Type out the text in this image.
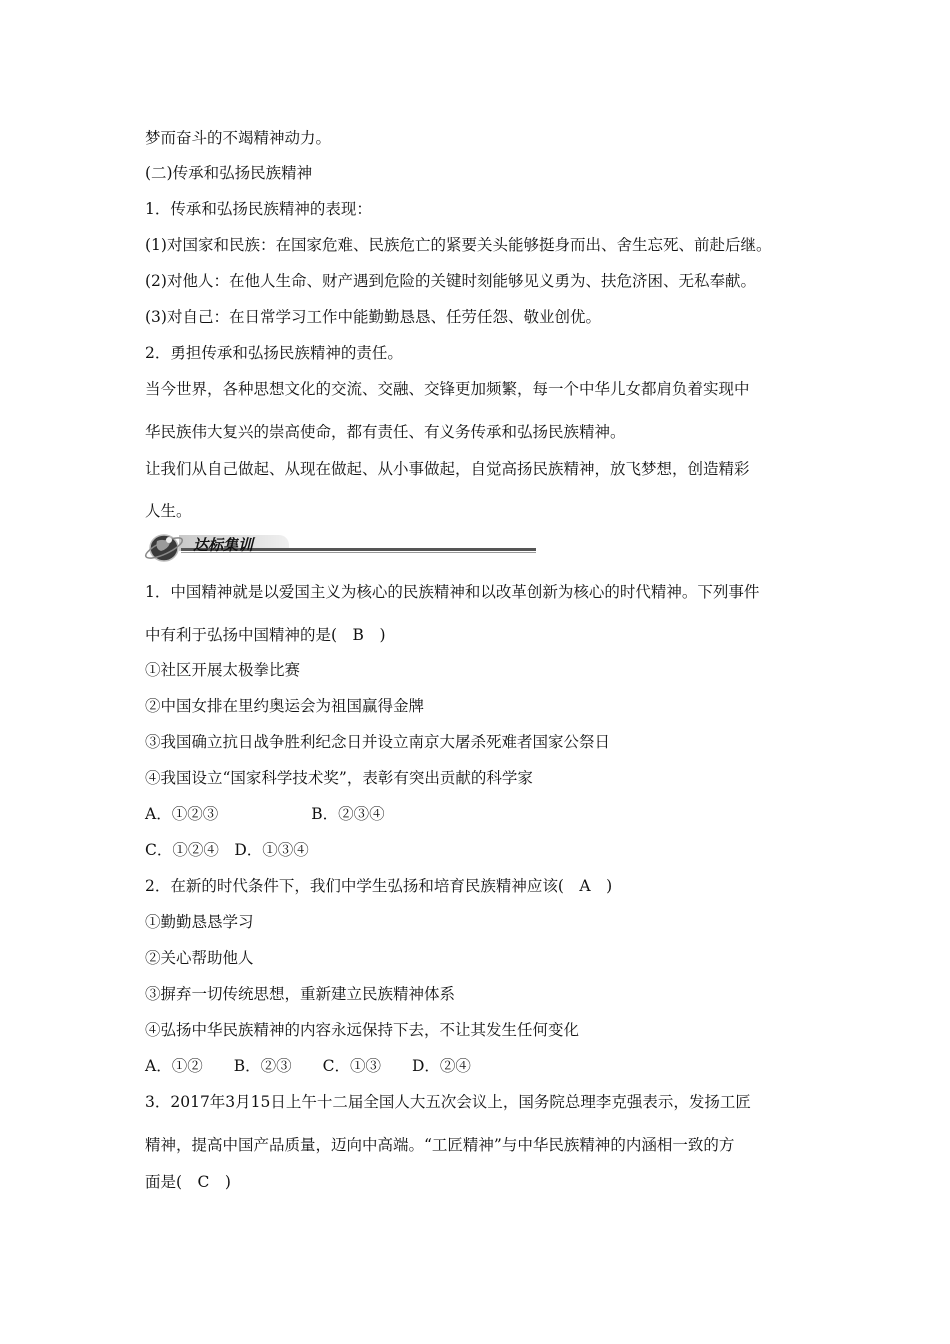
达标集训

梦而奋斗的不竭精神动力。

(二)传承和弘扬民族精神

1．传承和弘扬民族精神的表现：

(1)对国家和民族：在国家危难、民族危亡的紧要关头能够挺身而出、舍生忘死、前赴后继。

(2)对他人：在他人生命、财产遇到危险的关键时刻能够见义勇为、扶危济困、无私奉献。

(3)对自己：在日常学习工作中能勤勤恳恳、任劳任怨、敬业创优。

2．勇担传承和弘扬民族精神的责任。

当今世界，各种思想文化的交流、交融、交锋更加频繁，每一个中华儿女都肩负着实现中

华民族伟大复兴的崇高使命，都有责任、有义务传承和弘扬民族精神。

让我们从自己做起、从现在做起、从小事做起，自觉高扬民族精神，放飞梦想，创造精彩

人生。

1．中国精神就是以爱国主义为核心的民族精神和以改革创新为核心的时代精神。下列事件

中有利于弘扬中国精神的是(　B　)

①社区开展太极拳比赛

②中国女排在里约奥运会为祖国赢得金牌

③我国确立抗日战争胜利纪念日并设立南京大屠杀死难者国家公祭日

④我国设立“国家科学技术奖”，表彰有突出贡献的科学家

A．①②③　　　　　　B．②③④

C．①②④　D．①③④

2．在新的时代条件下，我们中学生弘扬和培育民族精神应该(　A　)

①勤勤恳恳学习

②关心帮助他人

③摒弃一切传统思想，重新建立民族精神体系

④弘扬中华民族精神的内容永远保持下去，不让其发生任何变化

A．①②　　B．②③　　C．①③　　D．②④

3．2017年3月15日上午十二届全国人大五次会议上，国务院总理李克强表示，发扬工匠

精神，提高中国产品质量，迈向中高端。“工匠精神”与中华民族精神的内涵相一致的方

面是(　C　)
